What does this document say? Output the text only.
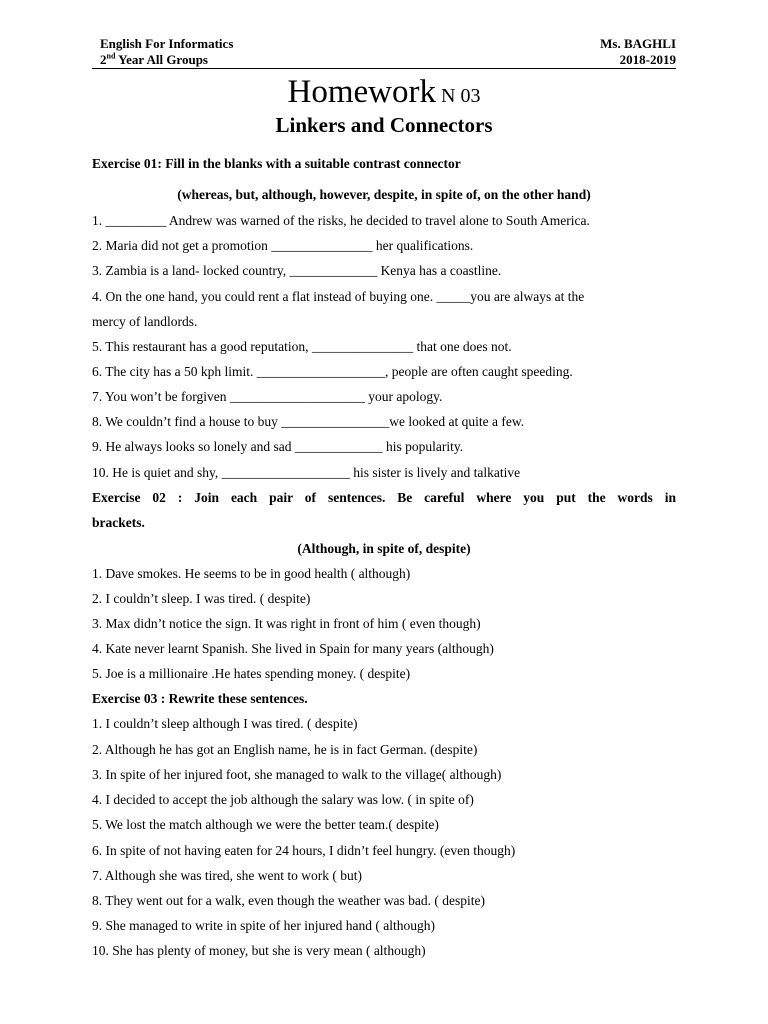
English For Informatics	Ms. BAGHLI
2nd Year All Groups	2018-2019
Homework N 03
Linkers and Connectors
Exercise 01: Fill in the blanks with a suitable contrast connector
(whereas, but, although, however, despite, in spite of, on the other hand)
1. _________ Andrew was warned of the risks, he decided to travel alone to South America.
2. Maria did not get a promotion _______________ her qualifications.
3. Zambia is a land- locked country, _____________ Kenya has a coastline.
4. On the one hand, you could rent a flat instead of buying one. _____you are always at the
mercy of landlords.
5. This restaurant has a good reputation, _______________ that one does not.
6. The city has a 50 kph limit. ___________________, people are often caught speeding.
7. You won’t be forgiven ____________________ your apology.
8. We couldn’t find a house to buy ________________we looked at quite a few.
9. He always looks so lonely and sad _____________ his popularity.
10. He is quiet and shy, ___________________ his sister is lively and talkative
Exercise 02 : Join each pair of sentences. Be careful where you put the words in
brackets.
(Although, in spite of, despite)
1. Dave smokes. He seems to be in good health ( although)
2. I couldn’t sleep. I was tired. ( despite)
3. Max didn’t notice the sign. It was right in front of him ( even though)
4. Kate never learnt Spanish. She lived in Spain for many years (although)
5. Joe is a millionaire .He hates spending money. ( despite)
Exercise 03 : Rewrite these sentences.
1. I couldn’t sleep although I was tired. ( despite)
2. Although he has got an English name, he is in fact German. (despite)
3. In spite of her injured foot, she managed to walk to the village( although)
4. I decided to accept the job although the salary was low. ( in spite of)
5. We lost the match although we were the better team.( despite)
6. In spite of not having eaten for 24 hours, I didn’t feel hungry. (even though)
7. Although she was tired, she went to work ( but)
8. They went out for a walk, even though the weather was bad. ( despite)
9. She managed to write in spite of her injured hand ( although)
10. She has plenty of money, but she is very mean ( although)
